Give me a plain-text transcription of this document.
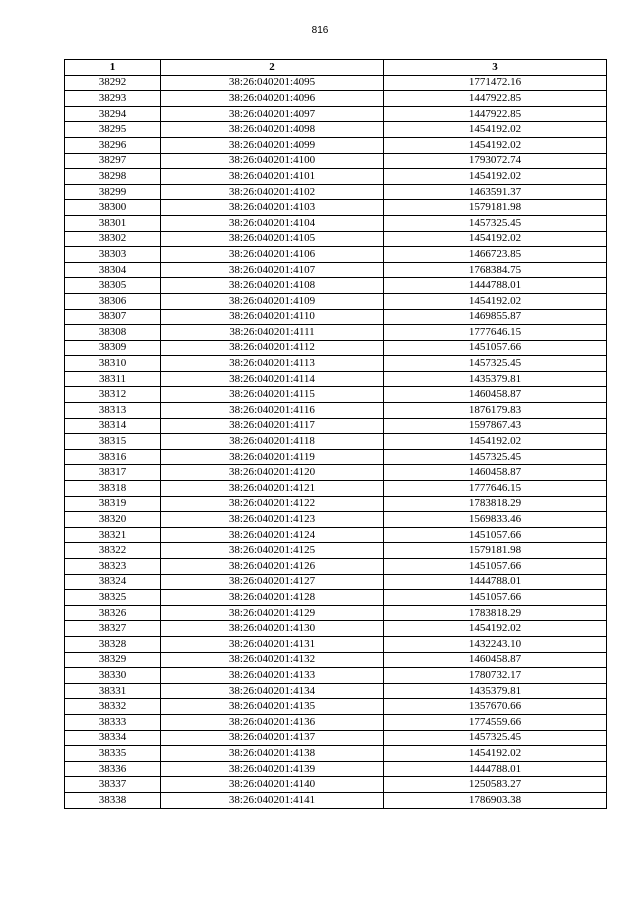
816
1	2	3
38292	38:26:040201:4095	1771472.16
38293	38:26:040201:4096	1447922.85
38294	38:26:040201:4097	1447922.85
38295	38:26:040201:4098	1454192.02
38296	38:26:040201:4099	1454192.02
38297	38:26:040201:4100	1793072.74
38298	38:26:040201:4101	1454192.02
38299	38:26:040201:4102	1463591.37
38300	38:26:040201:4103	1579181.98
38301	38:26:040201:4104	1457325.45
38302	38:26:040201:4105	1454192.02
38303	38:26:040201:4106	1466723.85
38304	38:26:040201:4107	1768384.75
38305	38:26:040201:4108	1444788.01
38306	38:26:040201:4109	1454192.02
38307	38:26:040201:4110	1469855.87
38308	38:26:040201:4111	1777646.15
38309	38:26:040201:4112	1451057.66
38310	38:26:040201:4113	1457325.45
38311	38:26:040201:4114	1435379.81
38312	38:26:040201:4115	1460458.87
38313	38:26:040201:4116	1876179.83
38314	38:26:040201:4117	1597867.43
38315	38:26:040201:4118	1454192.02
38316	38:26:040201:4119	1457325.45
38317	38:26:040201:4120	1460458.87
38318	38:26:040201:4121	1777646.15
38319	38:26:040201:4122	1783818.29
38320	38:26:040201:4123	1569833.46
38321	38:26:040201:4124	1451057.66
38322	38:26:040201:4125	1579181.98
38323	38:26:040201:4126	1451057.66
38324	38:26:040201:4127	1444788.01
38325	38:26:040201:4128	1451057.66
38326	38:26:040201:4129	1783818.29
38327	38:26:040201:4130	1454192.02
38328	38:26:040201:4131	1432243.10
38329	38:26:040201:4132	1460458.87
38330	38:26:040201:4133	1780732.17
38331	38:26:040201:4134	1435379.81
38332	38:26:040201:4135	1357670.66
38333	38:26:040201:4136	1774559.66
38334	38:26:040201:4137	1457325.45
38335	38:26:040201:4138	1454192.02
38336	38:26:040201:4139	1444788.01
38337	38:26:040201:4140	1250583.27
38338	38:26:040201:4141	1786903.38
